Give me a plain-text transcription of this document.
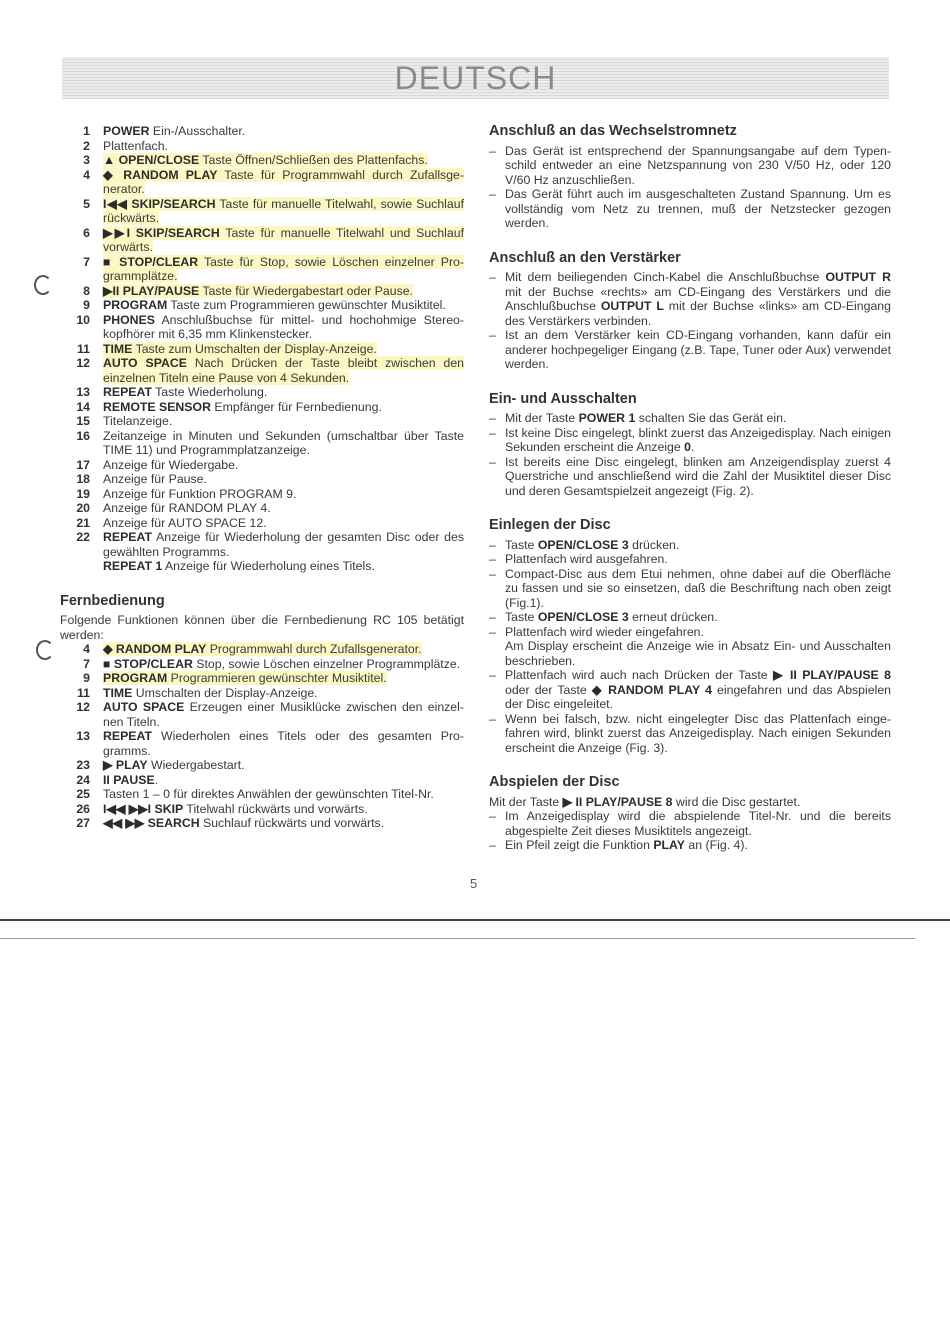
DEUTSCH
1	POWER Ein-/Ausschalter.
2	Plattenfach.
3	▲ OPEN/CLOSE Taste Öffnen/Schließen des Plattenfachs.
4	◆ RANDOM PLAY Taste für Programmwahl durch Zufallsgenerator.
5	I◀◀ SKIP/SEARCH Taste für manuelle Titelwahl, sowie Suchlauf rückwärts.
6	▶▶I SKIP/SEARCH Taste für manuelle Titelwahl und Suchlauf vorwärts.
7	■ STOP/CLEAR Taste für Stop, sowie Löschen einzelner Programmplätze.
8	▶II PLAY/PAUSE Taste für Wiedergabestart oder Pause.
9	PROGRAM Taste zum Programmieren gewünschter Musiktitel.
10	PHONES Anschlußbuchse für mittel- und hochohmige Stereokopfhörer mit 6,35 mm Klinkenstecker.
11	TIME Taste zum Umschalten der Display-Anzeige.
12	AUTO SPACE Nach Drücken der Taste bleibt zwischen den einzelnen Titeln eine Pause von 4 Sekunden.
13	REPEAT Taste Wiederholung.
14	REMOTE SENSOR Empfänger für Fernbedienung.
15	Titelanzeige.
16	Zeitanzeige in Minuten und Sekunden (umschaltbar über Taste TIME 11) und Programmplatzanzeige.
17	Anzeige für Wiedergabe.
18	Anzeige für Pause.
19	Anzeige für Funktion PROGRAM 9.
20	Anzeige für RANDOM PLAY 4.
21	Anzeige für AUTO SPACE 12.
22	REPEAT Anzeige für Wiederholung der gesamten Disc oder des gewählten Programms.
REPEAT 1 Anzeige für Wiederholung eines Titels.
Fernbedienung
Folgende Funktionen können über die Fernbedienung RC 105 betätigt werden:
4	◆ RANDOM PLAY Programmwahl durch Zufallsgenerator.
7	■ STOP/CLEAR Stop, sowie Löschen einzelner Programmplätze.
9	PROGRAM Programmieren gewünschter Musiktitel.
11	TIME Umschalten der Display-Anzeige.
12	AUTO SPACE Erzeugen einer Musiklücke zwischen den einzelnen Titeln.
13	REPEAT Wiederholen eines Titels oder des gesamten Programms.
23	▶ PLAY Wiedergabestart.
24	II PAUSE.
25	Tasten 1 – 0 für direktes Anwählen der gewünschten Titel-Nr.
26	I◀◀ ▶▶I SKIP Titelwahl rückwärts und vorwärts.
27	◀◀ ▶▶ SEARCH Suchlauf rückwärts und vorwärts.
Anschluß an das Wechselstromnetz
– Das Gerät ist entsprechend der Spannungsangabe auf dem Typenschild entweder an eine Netzspannung von 230 V/50 Hz, oder 120 V/60 Hz anzuschließen.
– Das Gerät führt auch im ausgeschalteten Zustand Spannung. Um es vollständig vom Netz zu trennen, muß der Netzstecker gezogen werden.
Anschluß an den Verstärker
– Mit dem beiliegenden Cinch-Kabel die Anschlußbuchse OUTPUT R mit der Buchse «rechts» am CD-Eingang des Verstärkers und die Anschlußbuchse OUTPUT L mit der Buchse «links» am CD-Eingang des Verstärkers verbinden.
– Ist an dem Verstärker kein CD-Eingang vorhanden, kann dafür ein anderer hochpegeliger Eingang (z.B. Tape, Tuner oder Aux) verwendet werden.
Ein- und Ausschalten
– Mit der Taste POWER 1 schalten Sie das Gerät ein.
– Ist keine Disc eingelegt, blinkt zuerst das Anzeigedisplay. Nach einigen Sekunden erscheint die Anzeige 0.
– Ist bereits eine Disc eingelegt, blinken am Anzeigendisplay zuerst 4 Querstriche und anschließend wird die Zahl der Musiktitel dieser Disc und deren Gesamtspielzeit angezeigt (Fig. 2).
Einlegen der Disc
– Taste OPEN/CLOSE 3 drücken.
– Plattenfach wird ausgefahren.
– Compact-Disc aus dem Etui nehmen, ohne dabei auf die Oberfläche zu fassen und sie so einsetzen, daß die Beschriftung nach oben zeigt (Fig.1).
– Taste OPEN/CLOSE 3 erneut drücken.
– Plattenfach wird wieder eingefahren.
Am Display erscheint die Anzeige wie in Absatz Ein- und Ausschalten beschrieben.
– Plattenfach wird auch nach Drücken der Taste ▶ II PLAY/PAUSE 8 oder der Taste ◆ RANDOM PLAY 4 eingefahren und das Abspielen der Disc eingeleitet.
– Wenn bei falsch, bzw. nicht eingelegter Disc das Plattenfach eingefahren wird, blinkt zuerst das Anzeigedisplay. Nach einigen Sekunden erscheint die Anzeige (Fig. 3).
Abspielen der Disc
Mit der Taste ▶ II PLAY/PAUSE 8 wird die Disc gestartet.
– Im Anzeigedisplay wird die abspielende Titel-Nr. und die bereits abgespielte Zeit dieses Musiktitels angezeigt.
– Ein Pfeil zeigt die Funktion PLAY an (Fig. 4).
5
